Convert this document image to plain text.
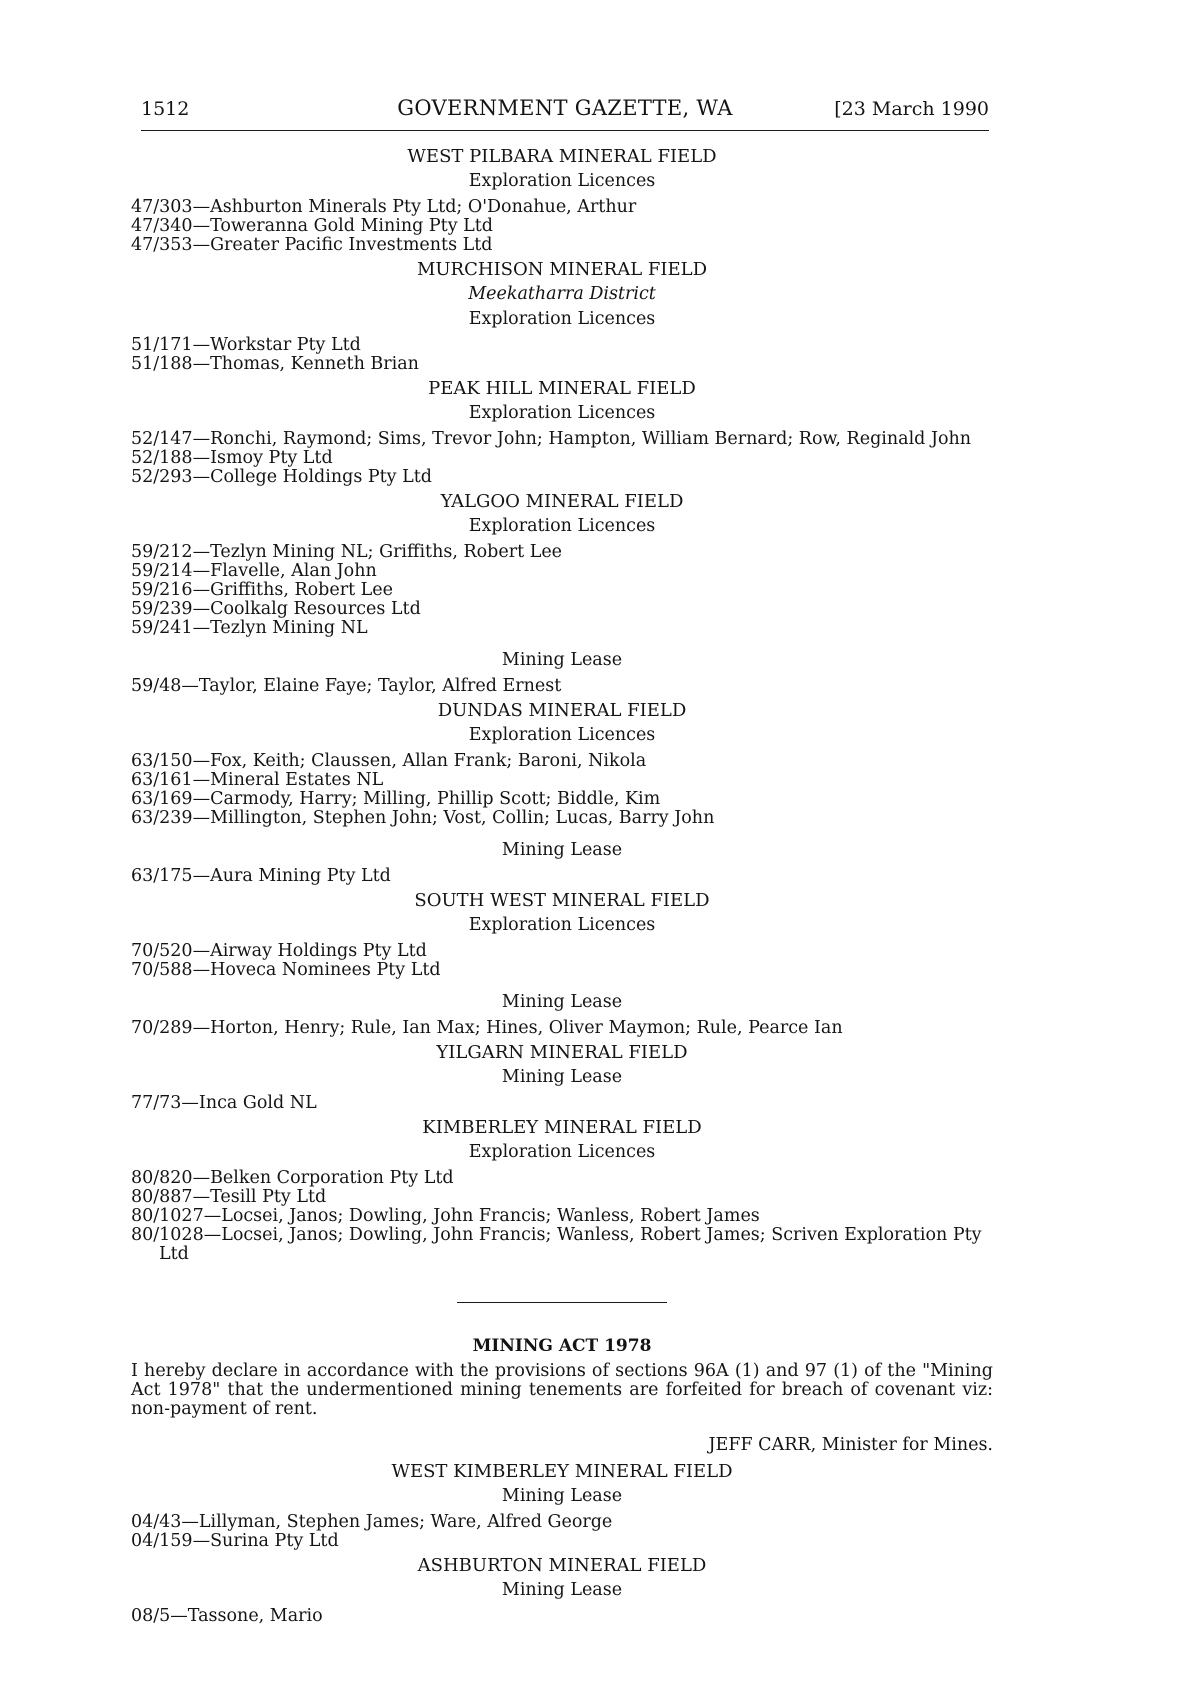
1512	GOVERNMENT GAZETTE, WA	[23 March 1990
WEST PILBARA MINERAL FIELD
Exploration Licences
47/303—Ashburton Minerals Pty Ltd; O'Donahue, Arthur
47/340—Toweranna Gold Mining Pty Ltd
47/353—Greater Pacific Investments Ltd
MURCHISON MINERAL FIELD
Meekatharra District
Exploration Licences
51/171—Workstar Pty Ltd
51/188—Thomas, Kenneth Brian
PEAK HILL MINERAL FIELD
Exploration Licences
52/147—Ronchi, Raymond; Sims, Trevor John; Hampton, William Bernard; Row, Reginald John
52/188—Ismoy Pty Ltd
52/293—College Holdings Pty Ltd
YALGOO MINERAL FIELD
Exploration Licences
59/212—Tezlyn Mining NL; Griffiths, Robert Lee
59/214—Flavelle, Alan John
59/216—Griffiths, Robert Lee
59/239—Coolkalg Resources Ltd
59/241—Tezlyn Mining NL
Mining Lease
59/48—Taylor, Elaine Faye; Taylor, Alfred Ernest
DUNDAS MINERAL FIELD
Exploration Licences
63/150—Fox, Keith; Claussen, Allan Frank; Baroni, Nikola
63/161—Mineral Estates NL
63/169—Carmody, Harry; Milling, Phillip Scott; Biddle, Kim
63/239—Millington, Stephen John; Vost, Collin; Lucas, Barry John
Mining Lease
63/175—Aura Mining Pty Ltd
SOUTH WEST MINERAL FIELD
Exploration Licences
70/520—Airway Holdings Pty Ltd
70/588—Hoveca Nominees Pty Ltd
Mining Lease
70/289—Horton, Henry; Rule, Ian Max; Hines, Oliver Maymon; Rule, Pearce Ian
YILGARN MINERAL FIELD
Mining Lease
77/73—Inca Gold NL
KIMBERLEY MINERAL FIELD
Exploration Licences
80/820—Belken Corporation Pty Ltd
80/887—Tesill Pty Ltd
80/1027—Locsei, Janos; Dowling, John Francis; Wanless, Robert James
80/1028—Locsei, Janos; Dowling, John Francis; Wanless, Robert James; Scriven Exploration Pty Ltd
MINING ACT 1978

I hereby declare in accordance with the provisions of sections 96A (1) and 97 (1) of the "Mining Act 1978" that the undermentioned mining tenements are forfeited for breach of covenant viz: non-payment of rent.

JEFF CARR, Minister for Mines.
WEST KIMBERLEY MINERAL FIELD
Mining Lease
04/43—Lillyman, Stephen James; Ware, Alfred George
04/159—Surina Pty Ltd
ASHBURTON MINERAL FIELD
Mining Lease
08/5—Tassone, Mario
